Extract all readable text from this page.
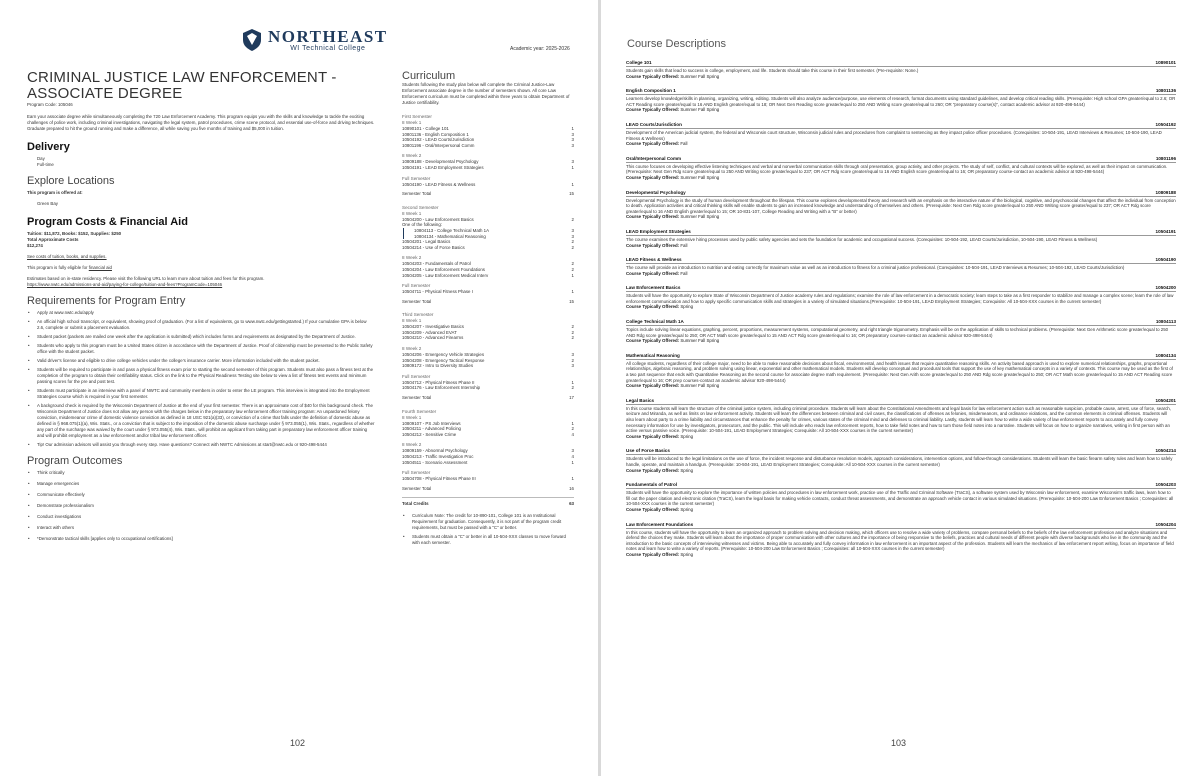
NORTHEAST
WI Technical College	Academic year: 2025-2026
CRIMINAL JUSTICE LAW ENFORCEMENT - ASSOCIATE DEGREE
Program Code: 105046
Earn your associate degree while simultaneously completing the 720 Law Enforcement Academy. This program equips you with the skills and knowledge to tackle the exciting challenges of police work, including criminal investigations, navigating the legal system, patrol procedures, crime scene protocol, and essential use-of-force and driving techniques. Graduate prepared to hit the ground running and make a difference, all while saving you five months of training and $5,000 in tuition.
Delivery
Day
Full-time
Explore Locations
This program is offered at:
Green Bay
Program Costs & Financial Aid
Tuition: $11,872, Books: $152, Supplies: $250
Total Approximate Costs
$12,274
See costs of tuition, books, and supplies.
This program is fully eligible for financial aid
Estimates based on in-state residency. Please visit the following URL to learn more about tuition and fees for this program.
https://www.nwtc.edu/admissions-and-aid/paying-for-college/tuition-and-fees?ProgramCode=105046
Requirements for Program Entry
• Apply at www.nwtc.edu/apply
• An official high school transcript, or equivalent, showing proof of graduation. (For a list of equivalents, go to www.nwtc.edu/gettingstarted.) If your cumulative GPA is below 2.6, complete or submit a placement evaluation.
• Student packet (packets are mailed one week after the application is submitted) which includes forms and requirements as designated by the Department of Justice.
• Students who apply to this program must be a United States citizen in accordance with the Department of Justice. Proof of citizenship must be presented to the Public Safety office with the student packet.
• Valid driver's license and eligible to drive college vehicles under the college's insurance carrier. More information included with the student packet.
• Students will be required to participate in and pass a physical fitness exam prior to starting the second semester of this program. Students must also pass a fitness test at the completion of the program to obtain their certifiability status. Click on the link to the Physical Readiness Testing site below to view a list of fitness test events and minimum passing scores for the pre and post test.
• Students must participate in an interview with a panel of NWTC and community members in order to enter the LE program. This interview is integrated into the Employment Strategies course which is required in your first semester.
• A background check is required by the Wisconsin Department of Justice at the end of your first semester. There is an approximate cost of $40 for this background check. The Wisconsin Department of Justice does not allow any person with the charges below in the preparatory law enforcement officer training program: An unpardoned felony conviction, misdemeanor crime of domestic violence conviction as defined in 18 USC 921(a)(33), or conviction of a crime that falls under the definition of domestic abuse as defined in § 968.075(1)(a), Wis. Stats., or a conviction that is subject to the imposition of the domestic abuse surcharge under § 973.055(1), Wis. Stats., regardless of whether any part of the surcharge was waived by the court under § 973.055(4), Wis. Stats., will prohibit an applicant from taking part in preparatory law enforcement officer training and will prohibit employment as a law enforcement and/or tribal law enforcement officer.
• Tip! Our admission advisors will assist you through every step. Have questions? Connect with NWTC Admissions at start@nwtc.edu or 920-498-5444
Program Outcomes
• Think critically
• Manage emergencies
• Communicate effectively
• Demonstrate professionalism
• Conduct investigations
• Interact with others
• *Demonstrate tactical skills [applies only to occupational certifications]
Curriculum
Students following the study plan below will complete the Criminal Justice-Law Enforcement associate degree in the number of semesters shown. All core Law Enforcement curriculum must be completed within three years to obtain Department of Justice certifiability.
First Semester
8 Week 1
10890101 - College 101	1
10801136 - English Composition 1	3
10504192 - LEAD Courts/Jurisdiction	3
10801196 - Oral/Interpersonal Comm	3
8 Week 2
10809188 - Developmental Psychology	3
10504191 - LEAD Employment Strategies	1
Full Semester
10504190 - LEAD Fitness & Wellness	1
Semester Total	15
Second Semester
8 Week 1
10504200 - Law Enforcement Basics	2
One of the following:
10804113 - College Technical Math 1A	3
10804134 - Mathematical Reasoning	3
10504201 - Legal Basics	2
10504214 - Use of Force Basics	2
8 Week 2
10504203 - Fundamentals of Patrol	2
10504204 - Law Enforcement Foundations	2
10504205 - Law Enforcement Medical Interv	1
Full Semester
10504711 - Physical Fitness Phase I	1
Semester Total	15
Third Semester
8 Week 1
10504207 - Investigative Basics	2
10504209 - Advanced EVAT	2
10504210 - Advanced Firearms	2
8 Week 2
10504206 - Emergency Vehicle Strategies	3
10504208 - Emergency Tactical Response	2
10809172 - Intro to Diversity Studies	3
Full Semester
10504712 - Physical Fitness Phase II	1
10504176 - Law Enforcement Internship	2
Semester Total	17
Fourth Semester
8 Week 1
10809107 - PS Job Interviews	1
10504211 - Advanced Policing	2
10504212 - Sensitive Crime	4
8 Week 2
10809159 - Abnormal Psychology	3
10504213 - Traffic Investigation Proc	4
10504511 - Scenario Assessment	1
Full Semester
10504708 - Physical Fitness Phase III	1
Semester Total	16
Total Credits	63
• Curriculum Note: The credit for 10-890-101, College 101 is an Institutional Requirement for graduation. Consequently, it is not part of the program credit requirements, but must be passed with a "C" or better.
• Students must obtain a "C" or better in all 10-504-XXX classes to move forward with each semester.
102
Course Descriptions
College 101	10890101
Students gain skills that lead to success in college, employment, and life. Students should take this course in their first semester. (Pre-requisite: None.)
Course Typically Offered: Summer Fall Spring
English Composition 1	10801136
Learners develop knowledge/skills in planning, organizing, writing, editing. Students will also analyze audience/purpose, use elements of research, format documents using standard guidelines, and develop critical reading skills. (Prerequisite: High school GPA greater/equal to 2.6; OR ACT Reading score greater/equal to 16 AND English greater/equal to 18; OR Next Gen Reading score greater/equal to 250 AND Writing score greater/equal to 260; OR "preparatory course(s)", contact academic advisor at 920-498-5444)
Course Typically Offered: Summer Fall Spring
LEAD Courts/Jurisdiction	10504192
Development of the American judicial system, the federal and Wisconsin court structure, Wisconsin judicial rules and procedures from complaint to sentencing as they impact police officer procedures. (Corequisites: 10-504-191, LEAD Interviews & Resumes; 10-504-190, LEAD Fitness & Wellness)
Course Typically Offered: Fall
Oral/Interpersonal Comm	10801196
This course focuses on developing effective listening techniques and verbal and nonverbal communication skills through oral presentation, group activity, and other projects. The study of self, conflict, and cultural contexts will be explored, as well as their impact on communication. (Prerequisite: Next Gen Rdg score greater/equal to 250 AND Writing score greater/equal to 237; OR ACT Rdg score greater/equal to 16 AND English score greater/equal to 16; OR preparatory course-contact an academic advisor at 920-498-5444)
Course Typically Offered: Summer Fall Spring
Developmental Psychology	10809188
Developmental Psychology is the study of human development throughout the lifespan. This course explores developmental theory and research with an emphasis on the interactive nature of the biological, cognitive, and psychosocial changes that affect the individual from conception to death. Application activities and critical thinking skills will enable students to gain an increased knowledge and understanding of themselves and others. (Prerequisite: Next Gen Rdg score greater/equal to 250 AND Writing score greater/equal to 237; OR ACT Rdg score greater/equal to 16 AND English greater/equal to 15; OR 10-831-107, College Reading and Writing with a "B" or better)
Course Typically Offered: Summer Fall Spring
LEAD Employment Strategies	10504191
The course examines the extensive hiring processes used by public safety agencies and sets the foundation for academic and occupational success. (Corequisites: 10-504-192, LEAD Courts/Jurisdiction, 10-504-190, LEAD Fitness & Wellness)
Course Typically Offered: Fall
LEAD Fitness & Wellness	10504190
The course will provide an introduction to nutrition and eating correctly for maximum value as well as an introduction to fitness for a criminal justice professional. (Corequisites: 10-504-191, LEAD Interviews & Resumes; 10-504-192, LEAD Courts/Jurisdiction)
Course Typically Offered: Fall
Law Enforcement Basics	10504200
Students will have the opportunity to explore State of Wisconsin Department of Justice academy rules and regulations; examine the role of law enforcement in a democratic society; learn steps to take as a first responder to stabilize and manage a complex scene; learn the role of law enforcement communication and how to apply specific communication skills and strategies in a variety of simulated situations.(Prerequisite: 10-504-191, LEAD Employment Strategies; Corequisite: All 10-504-XXX courses in the current semester)
Course Typically Offered: Spring
College Technical Math 1A	10804113
Topics include solving linear equations, graphing, percent, proportions, measurement systems, computational geometry, and right triangle trigonometry. Emphasis will be on the application of skills to technical problems. (Prerequisite: Next Gen Arithmetic score greater/equal to 250 AND Rdg score greater/equal to 250; OR ACT Math score greater/equal to 15 AND ACT Rdg score greater/equal to 16; OR preparatory courses-contact an academic advisor 920-498-5444)
Course Typically Offered: Summer Fall Spring
Mathematical Reasoning	10804134
All college students, regardless of their college major, need to be able to make reasonable decisions about fiscal, environmental, and health issues that require quantitative reasoning skills. An activity based approach is used to explore numerical relationships, graphs, proportional relationships, algebraic reasoning, and problem solving using linear, exponential and other mathematical models. Students will develop conceptual and procedural tools that support the use of key mathematical concepts in a variety of contexts. This course may be used as the first of a two part sequence that ends with Quantitative Reasoning as the second course for associate degree math requirement. (Prerequisite: Next Gen Arith score greater/equal to 250 AND Rdg score greater/equal to 250; OR ACT Math score greater/equal to 15 AND ACT Reading score greater/equal to 16; OR prep courses-contact an academic advisor 920-498-5444)
Course Typically Offered: Summer Fall Spring
Legal Basics	10504201
In this course students will learn the structure of the criminal justice system, including criminal procedure. Students will learn about the Constitutional Amendments and legal basis for law enforcement action such as reasonable suspicion, probable cause, arrest, use of force, search, seizure and Miranda, as well as limits on law enforcement activity. Students will learn the differences between criminal and civil cases, the classifications of offenses as felonies, misdemeanors, and ordinance violations, and the common elements in criminal offenses. Students will also learn about party to a crime liability and circumstances that enhance the penalty for crimes, various states of the criminal mind and defenses to criminal liability. Lastly, students will learn how to write a wide variety of law enforcement reports to accurately and fully convey necessary information for use by investigators, prosecutors, and the public. This will include who reads law enforcement reports, how to take field notes and how to turn those field notes into a narrative. Students will focus on how to organize narratives, writing in first person with an active versus passive voice. (Prerequisite: 10-504-191, LEAD Employment Strategies; Corequisite: All 10-504-XXX courses in the current semester)
Course Typically Offered: Spring
Use of Force Basics	10504214
Students will be introduced to the legal limitations on the use of force, the incident response and disturbance resolution models, approach considerations, intervention options, and follow-through considerations. Students will learn the basic firearm safety rules and learn how to safely handle, operate, and maintain a handgun. (Prerequisite: 10-504-191, LEAD Employment Strategies; Corequisite: All 10-504-XXX courses in the current semester)
Course Typically Offered: Spring
Fundamentals of Patrol	10504203
Students will have the opportunity to explore the importance of written policies and procedures in law enforcement work, practice use of the Traffic and Criminal Software (TraCS), a software system used by Wisconsin law enforcement, examine Wisconsin's traffic laws, learn how to fill out the paper citation and electronic citation (TraCS), learn the legal basis for making vehicle contacts, conduct threat assessments, and demonstrate an approach vehicle contact in various simulated situations. (Prerequisite: 10-504-200 Law Enforcement Basics ; Corequisites: all 10-504-XXX courses in the current semester)
Course Typically Offered: Spring
Law Enforcement Foundations	10504204
In this course, students will have the opportunity to learn an organized approach to problem solving and decision making, which officers use to resolve a wide variety of problems, compare personal beliefs to the beliefs of the law enforcement profession and analyze situations and defend the choices they make. Students will learn about the importance of proper communication with other cultures and the importance of being responsive to the beliefs, practices and cultural needs of different people with diverse backgrounds who live in the community and the introduction to the basic concepts of interviewing witnesses and victims. Being able to accurately and fully convey information in law enforcement is an important aspect of the profession. Students will learn the mechanics of law enforcement report writing, focus on importance of field notes and learn how to write a variety of reports. (Prerequisite: 10-504-200 Law Enforcement Basics ; Corequisites: all 10-504-XXX courses in the current semester)
Course Typically Offered: Spring
103
